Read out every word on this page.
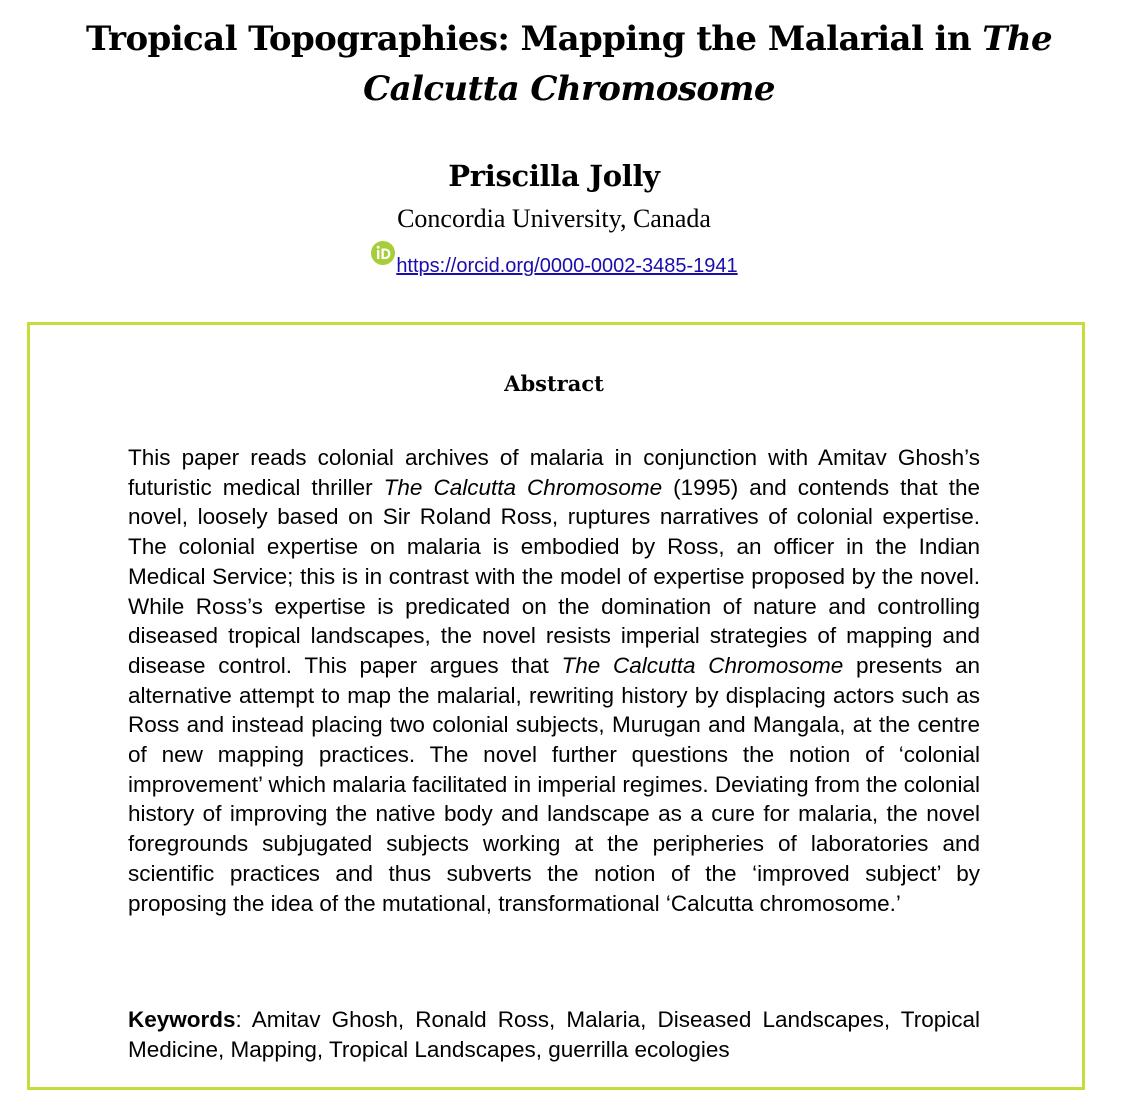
Tropical Topographies: Mapping the Malarial in The Calcutta Chromosome
Priscilla Jolly
Concordia University, Canada
https://orcid.org/0000-0002-3485-1941
Abstract

This paper reads colonial archives of malaria in conjunction with Amitav Ghosh’s futuristic medical thriller The Calcutta Chromosome (1995) and contends that the novel, loosely based on Sir Roland Ross, ruptures narratives of colonial expertise. The colonial expertise on malaria is embodied by Ross, an officer in the Indian Medical Service; this is in contrast with the model of expertise proposed by the novel. While Ross’s expertise is predicated on the domination of nature and controlling diseased tropical landscapes, the novel resists imperial strategies of mapping and disease control. This paper argues that The Calcutta Chromosome presents an alternative attempt to map the malarial, rewriting history by displacing actors such as Ross and instead placing two colonial subjects, Murugan and Mangala, at the centre of new mapping practices. The novel further questions the notion of ‘colonial improvement’ which malaria facilitated in imperial regimes. Deviating from the colonial history of improving the native body and landscape as a cure for malaria, the novel foregrounds subjugated subjects working at the peripheries of laboratories and scientific practices and thus subverts the notion of the ‘improved subject’ by proposing the idea of the mutational, transformational ‘Calcutta chromosome.’

Keywords: Amitav Ghosh, Ronald Ross, Malaria, Diseased Landscapes, Tropical Medicine, Mapping, Tropical Landscapes, guerrilla ecologies
